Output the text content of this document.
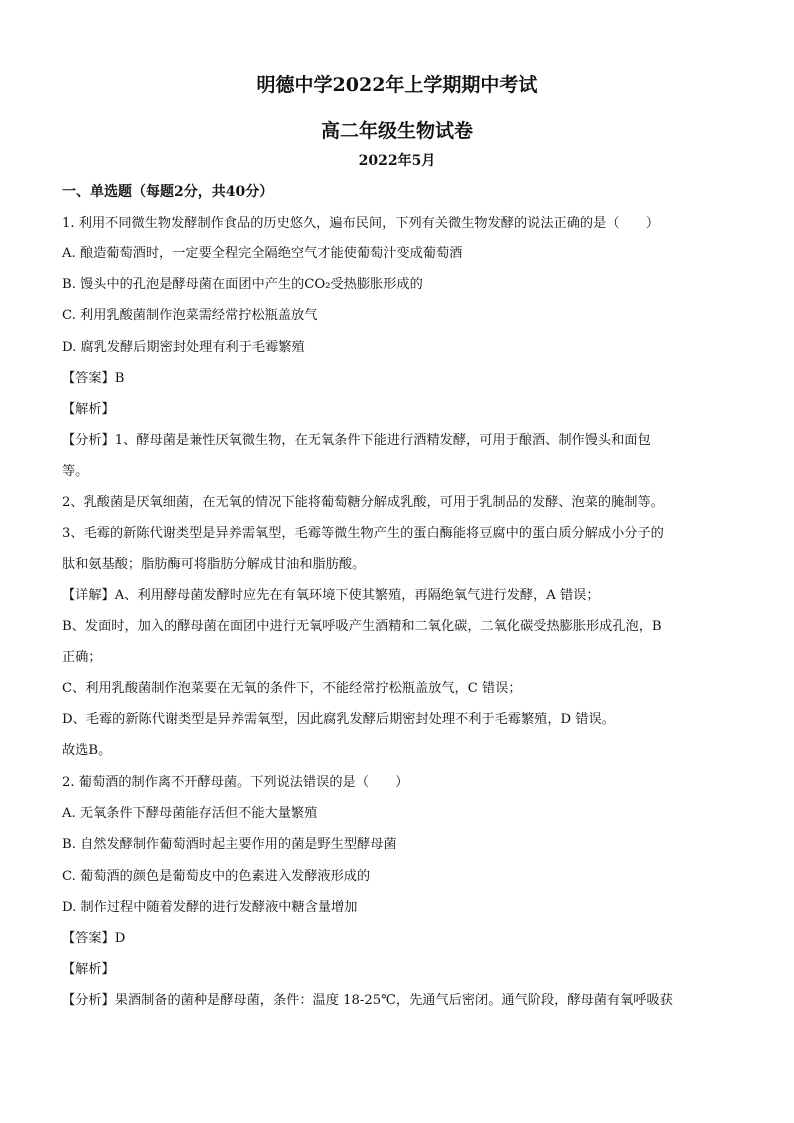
明德中学2022年上学期期中考试
高二年级生物试卷
2022年5月
一、单选题（每题2分，共40分）
1. 利用不同微生物发酵制作食品的历史悠久，遍布民间，下列有关微生物发酵的说法正确的是（　　）
A. 酿造葡萄酒时，一定要全程完全隔绝空气才能使葡萄汁变成葡萄酒
B. 馒头中的孔泡是酵母菌在面团中产生的CO₂受热膨胀形成的
C. 利用乳酸菌制作泡菜需经常拧松瓶盖放气
D. 腐乳发酵后期密封处理有利于毛霉繁殖
【答案】B
【解析】
【分析】1、酵母菌是兼性厌氧微生物，在无氧条件下能进行酒精发酵，可用于酿酒、制作馒头和面包
等。
2、乳酸菌是厌氧细菌，在无氧的情况下能将葡萄糖分解成乳酸，可用于乳制品的发酵、泡菜的腌制等。
3、毛霉的新陈代谢类型是异养需氧型，毛霉等微生物产生的蛋白酶能将豆腐中的蛋白质分解成小分子的
肽和氨基酸；脂肪酶可将脂肪分解成甘油和脂肪酸。
【详解】A、利用酵母菌发酵时应先在有氧环境下使其繁殖，再隔绝氧气进行发酵，A 错误；
B、发面时，加入的酵母菌在面团中进行无氧呼吸产生酒精和二氧化碳，二氧化碳受热膨胀形成孔泡，B
正确；
C、利用乳酸菌制作泡菜要在无氧的条件下，不能经常拧松瓶盖放气，C 错误；
D、毛霉的新陈代谢类型是异养需氧型，因此腐乳发酵后期密封处理不利于毛霉繁殖，D 错误。
故选B。
2. 葡萄酒的制作离不开酵母菌。下列说法错误的是（　　）
A. 无氧条件下酵母菌能存活但不能大量繁殖
B. 自然发酵制作葡萄酒时起主要作用的菌是野生型酵母菌
C. 葡萄酒的颜色是葡萄皮中的色素进入发酵液形成的
D. 制作过程中随着发酵的进行发酵液中糖含量增加
【答案】D
【解析】
【分析】果酒制备的菌种是酵母菌，条件：温度 18-25℃，先通气后密闭。通气阶段，酵母菌有氧呼吸获
